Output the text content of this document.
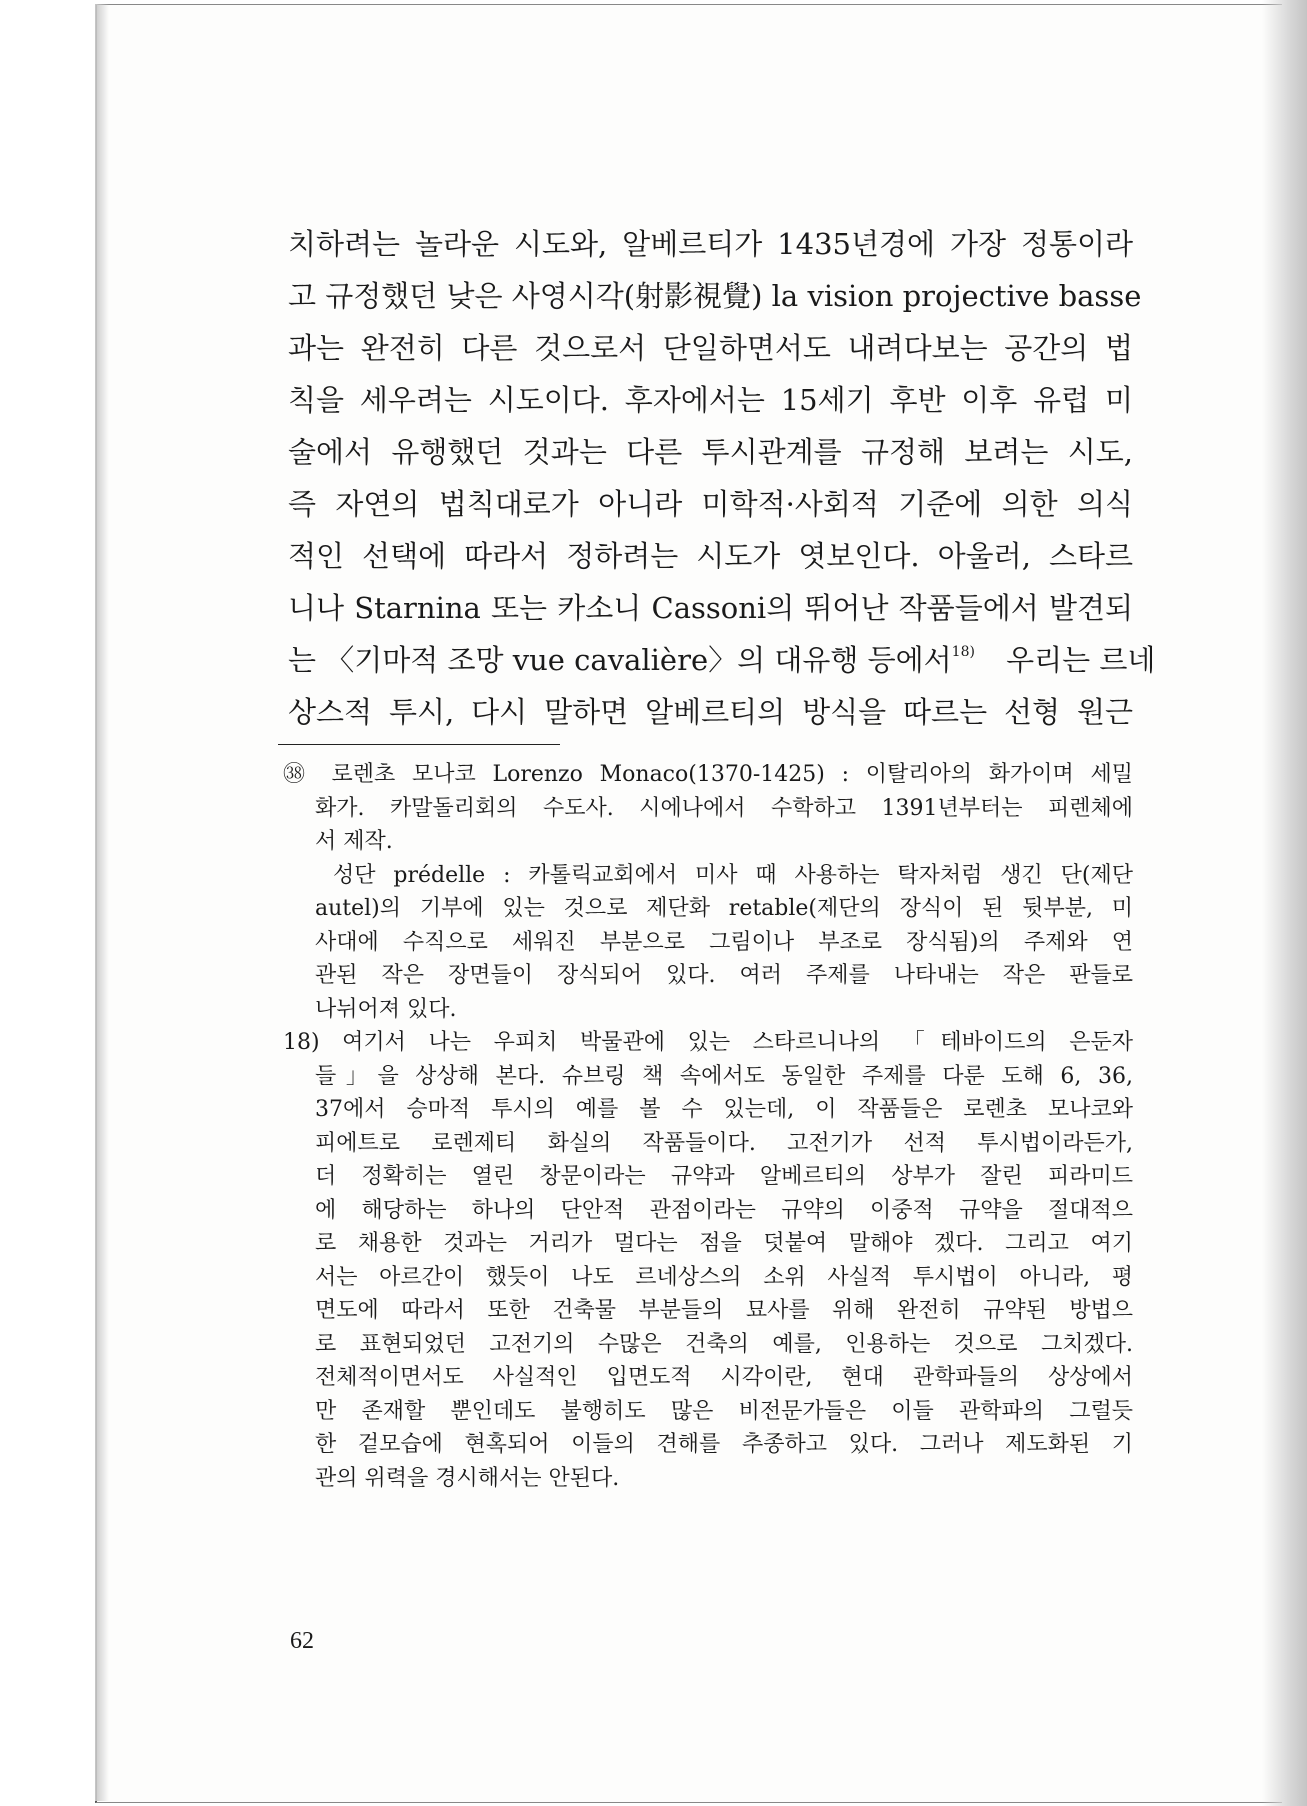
치하려는 놀라운 시도와, 알베르티가 1435년경에 가장 정통이라
고 규정했던 낮은 사영시각(射影視覺) la vision projective basse
과는 완전히 다른 것으로서 단일하면서도 내려다보는 공간의 법
칙을 세우려는 시도이다. 후자에서는 15세기 후반 이후 유럽 미
술에서 유행했던 것과는 다른 투시관계를 규정해 보려는 시도,
즉 자연의 법칙대로가 아니라 미학적·사회적 기준에 의한 의식
적인 선택에 따라서 정하려는 시도가 엿보인다. 아울러, 스타르
니나 Starnina 또는 카소니 Cassoni의 뛰어난 작품들에서 발견되
는 〈기마적 조망 vue cavalière〉의 대유행 등에서$^{18)}$ 우리는 르네
상스적 투시, 다시 말하면 알베르티의 방식을 따르는 선형 원근
㊳ 로렌초 모나코 Lorenzo Monaco(1370-1425) : 이탈리아의 화가이며 세밀
화가. 카말돌리회의 수도사. 시에나에서 수학하고 1391년부터는 피렌체에
서 제작.
성단 prédelle : 카톨릭교회에서 미사 때 사용하는 탁자처럼 생긴 단(제단
autel)의 기부에 있는 것으로 제단화 retable(제단의 장식이 된 뒷부분, 미
사대에 수직으로 세워진 부분으로 그림이나 부조로 장식됨)의 주제와 연
관된 작은 장면들이 장식되어 있다. 여러 주제를 나타내는 작은 판들로
나뉘어져 있다.
18) 여기서 나는 우피치 박물관에 있는 스타르니나의 「테바이드의 은둔자
들」을 상상해 본다. 슈브링 책 속에서도 동일한 주제를 다룬 도해 6, 36,
37에서 승마적 투시의 예를 볼 수 있는데, 이 작품들은 로렌초 모나코와
피에트로 로렌제티 화실의 작품들이다. 고전기가 선적 투시법이라든가,
더 정확히는 열린 창문이라는 규약과 알베르티의 상부가 잘린 피라미드
에 해당하는 하나의 단안적 관점이라는 규약의 이중적 규약을 절대적으
로 채용한 것과는 거리가 멀다는 점을 덧붙여 말해야 겠다. 그리고 여기
서는 아르간이 했듯이 나도 르네상스의 소위 사실적 투시법이 아니라, 평
면도에 따라서 또한 건축물 부분들의 묘사를 위해 완전히 규약된 방법으
로 표현되었던 고전기의 수많은 건축의 예를, 인용하는 것으로 그치겠다.
전체적이면서도 사실적인 입면도적 시각이란, 현대 관학파들의 상상에서
만 존재할 뿐인데도 불행히도 많은 비전문가들은 이들 관학파의 그럴듯
한 겉모습에 현혹되어 이들의 견해를 추종하고 있다. 그러나 제도화된 기
관의 위력을 경시해서는 안된다.
62
